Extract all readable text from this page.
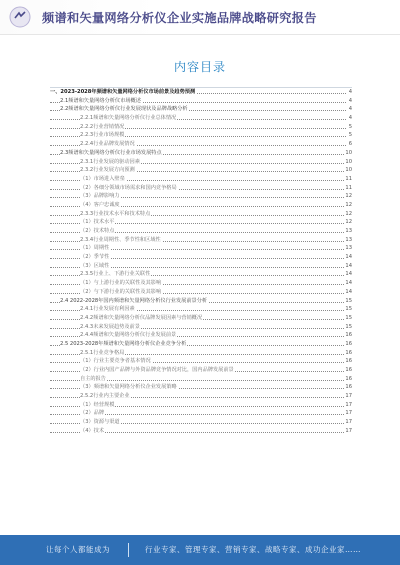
频谱和矢量网络分析仪企业实施品牌战略研究报告
内容目录
一、2023-2028年频谱和矢量网络分析仪市场前景及趋势预测	4
2.1频谱和矢量网络分析仪市场概述	4
2.2频谱和矢量网络分析仪行业发展现状及品牌战略分析	4
2.2.1频谱和矢量网络分析仪行业总体情况	4
2.2.2行业营销情况	5
2.2.3行业市场规模	5
2.2.4行业品牌发展情况	6
2.3频谱和矢量网络分析仪行业市场发展特点	10
2.3.1行业发展的驱动因素	10
2.3.2行业发展方向预测	10
（1）市场进入壁垒	11
（2）各细分领域市场需求和国内竞争格局	11
（3）品牌影响力	12
（4）客户忠诚度	12
2.3.3行业技术水平和技术特点	12
（1）技术水平	12
（2）技术特点	13
2.3.4行业周期性、季节性和区域性	13
（1）周期性	13
（2）季节性	14
（3）区域性	14
2.3.5行业上、下游行业关联性	14
（1）与上游行业的关联性及其影响	14
（2）与下游行业的关联性及其影响	14
2.4 2022-2028年国内频谱和矢量网络分析仪行业发展前景分析	15
2.4.1行业发展有利因素	15
2.4.2频谱和矢量网络分析仪品牌发展因素与营销概况	15
2.4.3未来发展趋势及前景	15
2.4.4频谱和矢量网络分析仪行业发展前景	16
2.5 2023-2028年频谱和矢量网络分析仪企业竞争分析	16
2.5.1行业竞争格局	16
（1）行业主要竞争者基本情况	16
（2）行业内国产品牌与外资品牌竞争情况对比，国内品牌发展前景	16
自主的报告	16
（3）频谱和矢量网络分析仪企业发展策略	16
2.5.2行业内主要企业	17
（1）经营规模	17
（2）品牌	17
（3）资源与渠道	17
（4）技术	17
让每个人都能成为	行业专家、管理专家、营销专家、战略专家、成功企业家……
